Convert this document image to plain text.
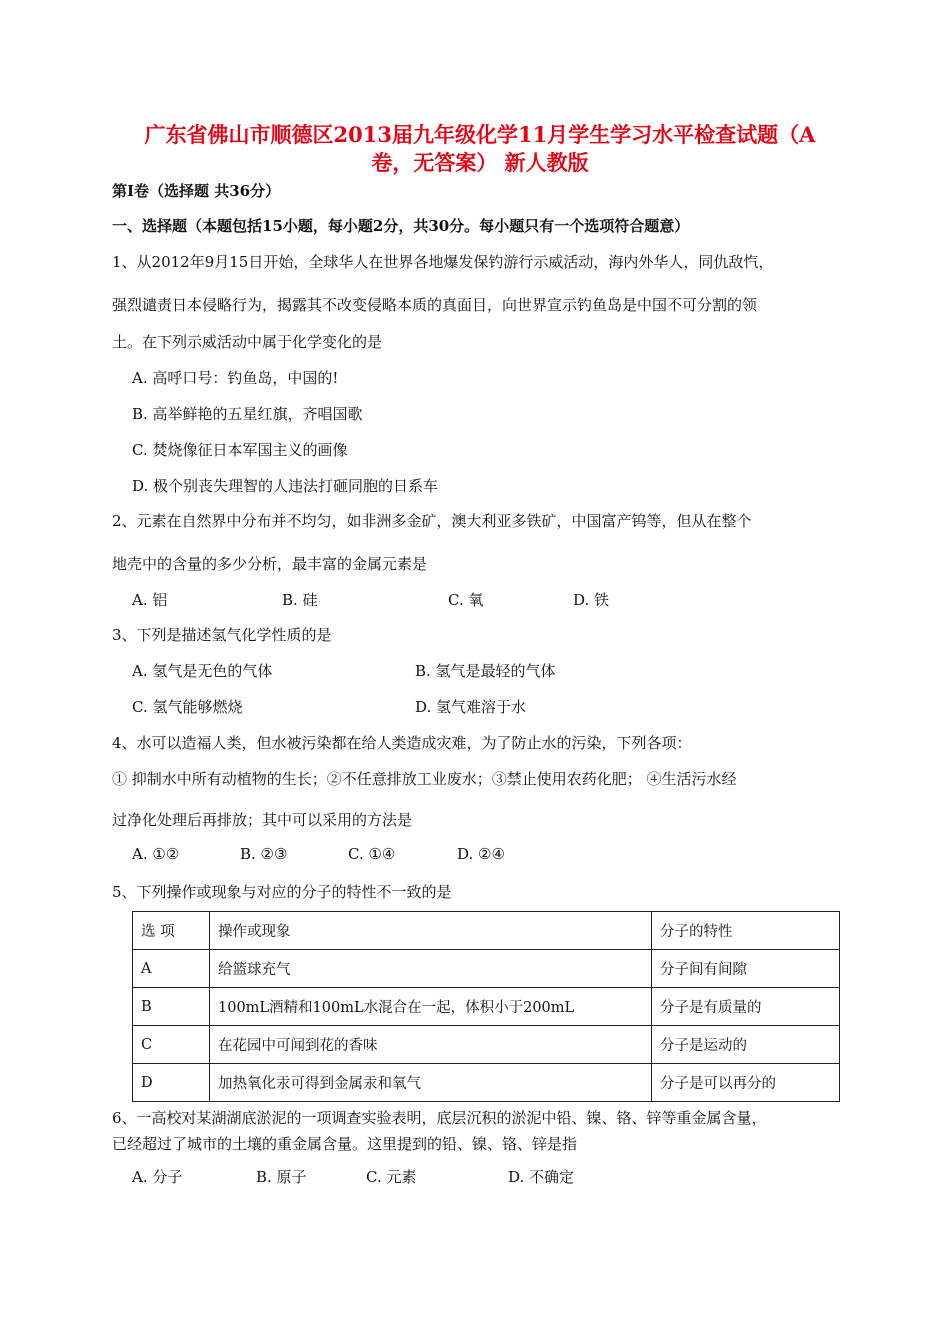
广东省佛山市顺德区2013届九年级化学11月学生学习水平检查试题（A
卷，无答案） 新人教版
第Ⅰ卷（选择题 共36分）
一、选择题（本题包括15小题，每小题2分，共30分。每小题只有一个选项符合题意）
1、从2012年9月15日开始，全球华人在世界各地爆发保钓游行示威活动，海内外华人，同仇敌忾，
强烈谴责日本侵略行为，揭露其不改变侵略本质的真面目，向世界宣示钓鱼岛是中国不可分割的领
土。在下列示威活动中属于化学变化的是
A. 高呼口号：钓鱼岛，中国的!
B. 高举鲜艳的五星红旗，齐唱国歌
C. 焚烧像征日本军国主义的画像
D. 极个别丧失理智的人违法打砸同胞的日系车
2、元素在自然界中分布并不均匀，如非洲多金矿，澳大利亚多铁矿，中国富产钨等，但从在整个
地壳中的含量的多少分析，最丰富的金属元素是
A. 铝	B. 硅	C. 氧	D. 铁
3、下列是描述氢气化学性质的是
A. 氢气是无色的气体	B. 氢气是最轻的气体
C. 氢气能够燃烧	D. 氢气难溶于水
4、水可以造福人类，但水被污染都在给人类造成灾难，为了防止水的污染，下列各项：
① 抑制水中所有动植物的生长；②不任意排放工业废水；③禁止使用农药化肥； ④生活污水经
过净化处理后再排放；其中可以采用的方法是
A. ①②	B. ②③	C. ①④	D. ②④
5、下列操作或现象与对应的分子的特性不一致的是
选 项	操作或现象	分子的特性
A	给篮球充气	分子间有间隙
B	100mL酒精和100mL水混合在一起，体积小于200mL	分子是有质量的
C	在花园中可闻到花的香味	分子是运动的
D	加热氧化汞可得到金属汞和氧气	分子是可以再分的
6、一高校对某湖湖底淤泥的一项调查实验表明，底层沉积的淤泥中铅、镍、铬、锌等重金属含量，
已经超过了城市的土壤的重金属含量。这里提到的铅、镍、铬、锌是指
A. 分子	B. 原子	C. 元素	D. 不确定
